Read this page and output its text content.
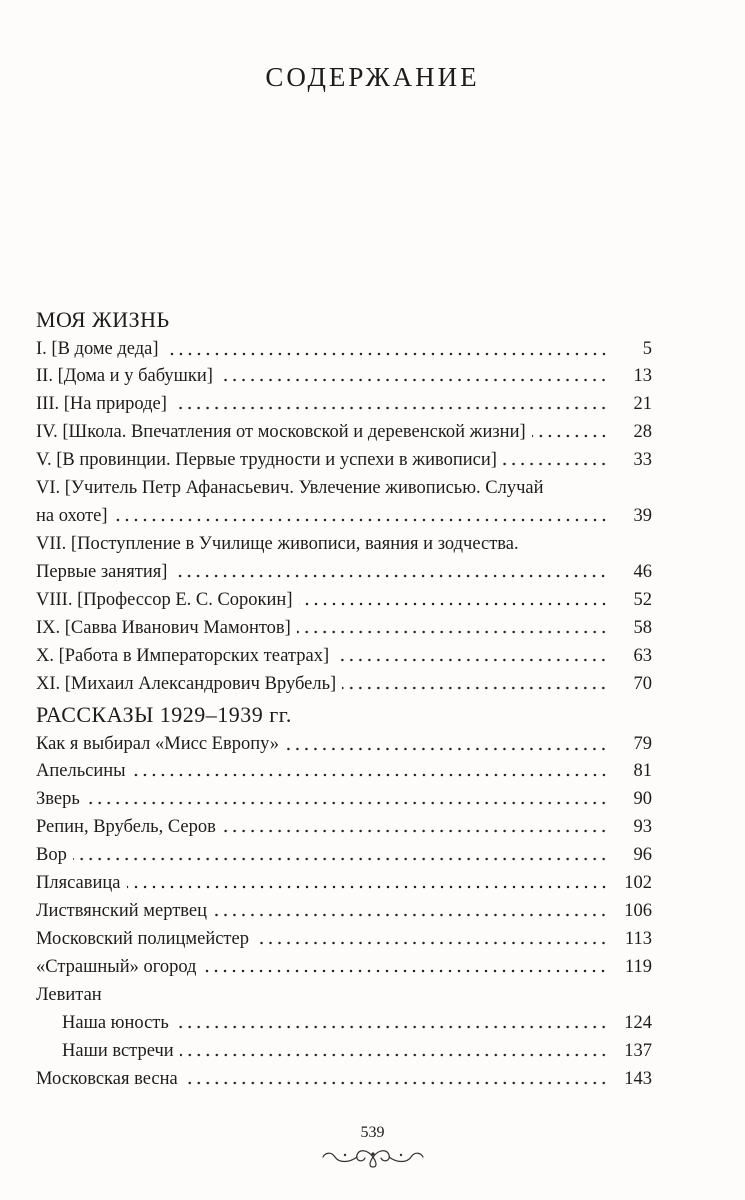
СОДЕРЖАНИЕ
МОЯ ЖИЗНЬ
I. [В доме деда]	5
II. [Дома и у бабушки]	13
III. [На природе]	21
IV. [Школа. Впечатления от московской и деревенской жизни]	28
V. [В провинции. Первые трудности и успехи в живописи]	33
VI. [Учитель Петр Афанасьевич. Увлечение живописью. Случай
на охоте]	39
VII. [Поступление в Училище живописи, ваяния и зодчества.
Первые занятия]	46
VIII. [Профессор Е. С. Сорокин]	52
IX. [Савва Иванович Мамонтов]	58
X. [Работа в Императорских театрах]	63
XI. [Михаил Александрович Врубель]	70
РАССКАЗЫ 1929–1939 гг.
Как я выбирал «Мисс Европу»	79
Апельсины	81
Зверь	90
Репин, Врубель, Серов	93
Вор	96
Плясавица	102
Листвянский мертвец	106
Московский полицмейстер	113
«Страшный» огород	119
Левитан
Наша юность	124
Наши встречи	137
Московская весна	143
539
